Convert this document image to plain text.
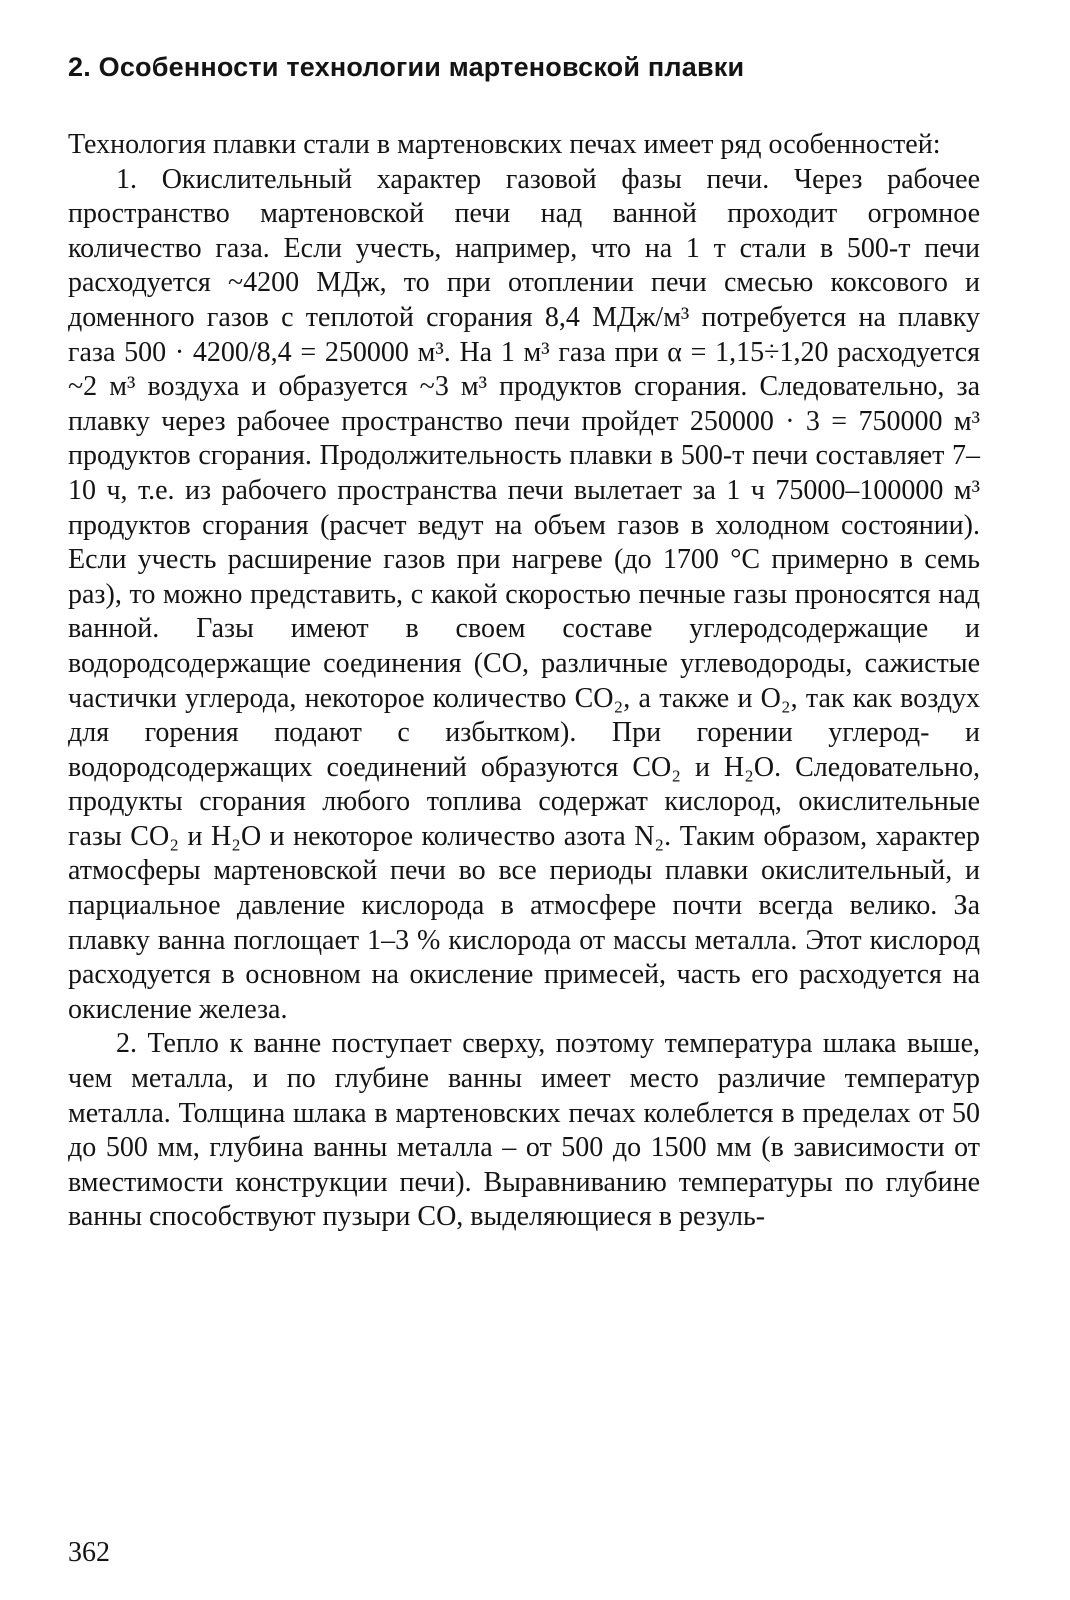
2. Особенности технологии мартеновской плавки

Технология плавки стали в мартеновских печах имеет ряд особенностей:

1. Окислительный характер газовой фазы печи. Через рабочее пространство мартеновской печи над ванной проходит огромное количество газа. Если учесть, например, что на 1 т стали в 500-т печи расходуется ~4200 МДж, то при отоплении печи смесью коксового и доменного газов с теплотой сгорания 8,4 МДж/м³ потребуется на плавку газа 500 · 4200/8,4 = 250000 м³. На 1 м³ газа при α = 1,15÷1,20 расходуется ~2 м³ воздуха и образуется ~3 м³ продуктов сгорания. Следовательно, за плавку через рабочее пространство печи пройдет 250000 · 3 = 750000 м³ продуктов сгорания. Продолжительность плавки в 500-т печи составляет 7–10 ч, т.е. из рабочего пространства печи вылетает за 1 ч 75000–100000 м³ продуктов сгорания (расчет ведут на объем газов в холодном состоянии). Если учесть расширение газов при нагреве (до 1700 °С примерно в семь раз), то можно представить, с какой скоростью печные газы проносятся над ванной. Газы имеют в своем составе углеродсодержащие и водородсодержащие соединения (CO, различные углеводороды, сажистые частички углерода, некоторое количество CO₂, а также и O₂, так как воздух для горения подают с избытком). При горении углерод- и водородсодержащих соединений образуются CO₂ и H₂O. Следовательно, продукты сгорания любого топлива содержат кислород, окислительные газы CO₂ и H₂O и некоторое количество азота N₂. Таким образом, характер атмосферы мартеновской печи во все периоды плавки окислительный, и парциальное давление кислорода в атмосфере почти всегда велико. За плавку ванна поглощает 1–3 % кислорода от массы металла. Этот кислород расходуется в основном на окисление примесей, часть его расходуется на окисление железа.

2. Тепло к ванне поступает сверху, поэтому температура шлака выше, чем металла, и по глубине ванны имеет место различие температур металла. Толщина шлака в мартеновских печах колеблется в пределах от 50 до 500 мм, глубина ванны металла – от 500 до 1500 мм (в зависимости от вместимости конструкции печи). Выравниванию температуры по глубине ванны способствуют пузыри CO, выделяющиеся в резуль-

362
